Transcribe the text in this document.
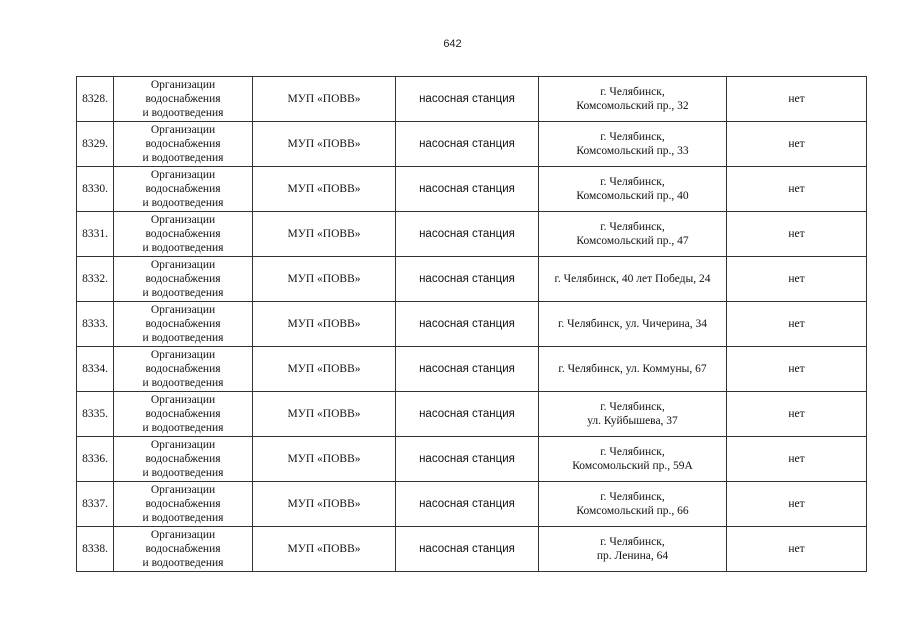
642
8328.	Организации
водоснабжения
и водоотведения	МУП «ПОВВ»	насосная станция	г. Челябинск,
Комсомольский пр., 32	нет
8329.	Организации
водоснабжения
и водоотведения	МУП «ПОВВ»	насосная станция	г. Челябинск,
Комсомольский пр., 33	нет
8330.	Организации
водоснабжения
и водоотведения	МУП «ПОВВ»	насосная станция	г. Челябинск,
Комсомольский пр., 40	нет
8331.	Организации
водоснабжения
и водоотведения	МУП «ПОВВ»	насосная станция	г. Челябинск,
Комсомольский пр., 47	нет
8332.	Организации
водоснабжения
и водоотведения	МУП «ПОВВ»	насосная станция	г. Челябинск, 40 лет Победы, 24	нет
8333.	Организации
водоснабжения
и водоотведения	МУП «ПОВВ»	насосная станция	г. Челябинск, ул. Чичерина, 34	нет
8334.	Организации
водоснабжения
и водоотведения	МУП «ПОВВ»	насосная станция	г. Челябинск, ул. Коммуны, 67	нет
8335.	Организации
водоснабжения
и водоотведения	МУП «ПОВВ»	насосная станция	г. Челябинск,
ул. Куйбышева, 37	нет
8336.	Организации
водоснабжения
и водоотведения	МУП «ПОВВ»	насосная станция	г. Челябинск,
Комсомольский пр., 59А	нет
8337.	Организации
водоснабжения
и водоотведения	МУП «ПОВВ»	насосная станция	г. Челябинск,
Комсомольский пр., 66	нет
8338.	Организации
водоснабжения
и водоотведения	МУП «ПОВВ»	насосная станция	г. Челябинск,
пр. Ленина, 64	нет
